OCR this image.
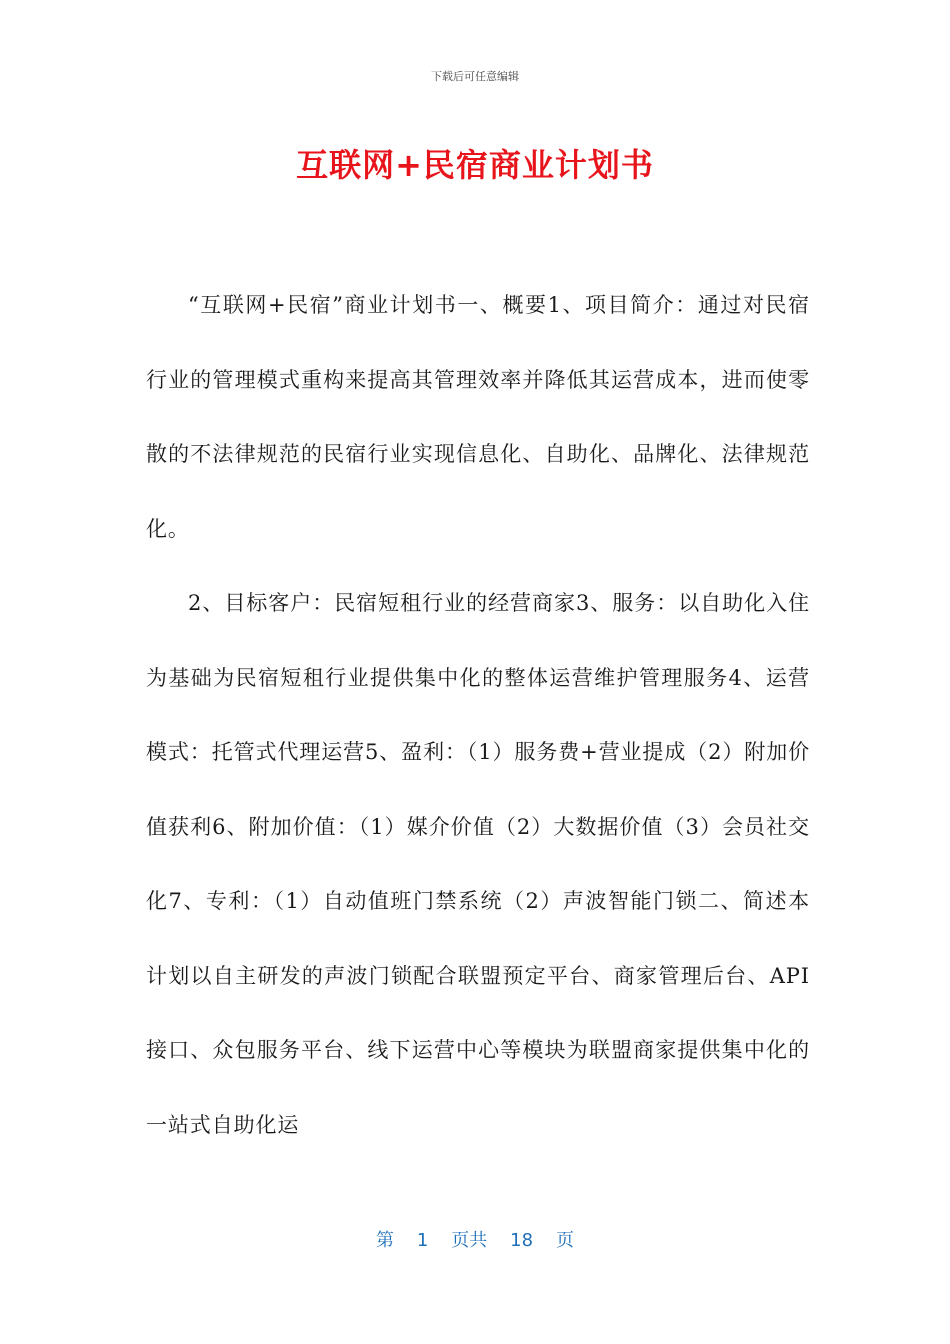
下载后可任意编辑
互联网+民宿商业计划书

“互联网+民宿”商业计划书一、概要1、项目简介：通过对民宿行业的管理模式重构来提高其管理效率并降低其运营成本，进而使零散的不法律规范的民宿行业实现信息化、自助化、品牌化、法律规范化。

2、目标客户：民宿短租行业的经营商家3、服务：以自助化入住为基础为民宿短租行业提供集中化的整体运营维护管理服务4、运营模式：托管式代理运营5、盈利：（1）服务费+营业提成（2）附加价值获利6、附加价值：（1）媒介价值（2）大数据价值（3）会员社交化7、专利：（1）自动值班门禁系统（2）声波智能门锁二、简述本计划以自主研发的声波门锁配合联盟预定平台、商家管理后台、API接口、众包服务平台、线下运营中心等模块为联盟商家提供集中化的一站式自助化运

第 1 页共 18 页
